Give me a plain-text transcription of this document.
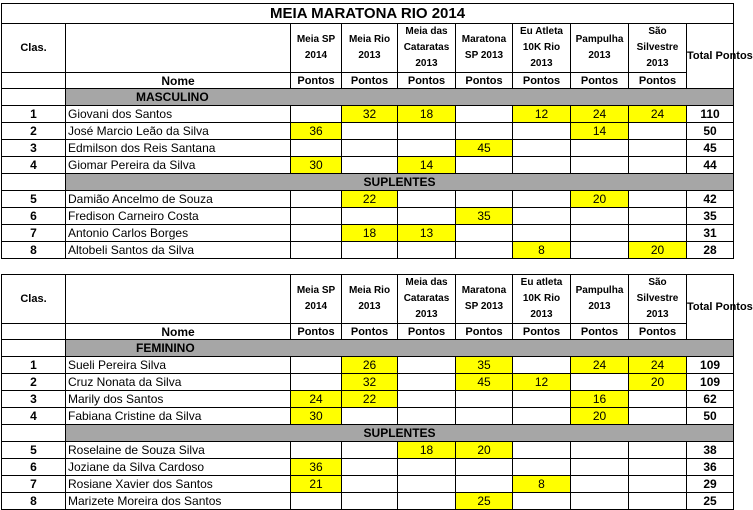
MEIA MARATONA RIO 2014									
Clas.		Meia SP 2014	Meia Rio 2013	Meia das Cataratas 2013	Maratona SP 2013	Eu Atleta 10K Rio 2013	Pampulha 2013	São Silvestre 2013	Total Pontos
	Nome	Pontos	Pontos	Pontos	Pontos	Pontos	Pontos	Pontos	
	MASCULINO								
1	Giovani dos Santos		32	18		12	24	24	110
2	José Marcio Leão da Silva	36					14		50
3	Edmilson dos Reis Santana				45				45
4	Giomar Pereira da Silva	30		14					44
	SUPLENTES								
5	Damião Ancelmo de Souza		22				20		42
6	Fredison Carneiro Costa				35				35
7	Antonio Carlos Borges		18	13					31
8	Altobeli Santos da Silva					8		20	28

Clas.		Meia SP 2014	Meia Rio 2013	Meia das Cataratas 2013	Maratona SP 2013	Eu atleta 10K Rio 2013	Pampulha 2013	São Silvestre 2013	Total Pontos
	Nome	Pontos	Pontos	Pontos	Pontos	Pontos	Pontos	Pontos	
	FEMININO								
1	Sueli Pereira Silva		26		35		24	24	109
2	Cruz Nonata da Silva		32		45	12		20	109
3	Marily dos Santos	24	22				16		62
4	Fabiana Cristine da Silva	30					20		50
	SUPLENTES								
5	Roselaine de Souza Silva			18	20				38
6	Joziane da Silva Cardoso	36							36
7	Rosiane Xavier dos Santos	21				8			29
8	Marizete Moreira dos Santos				25				25
